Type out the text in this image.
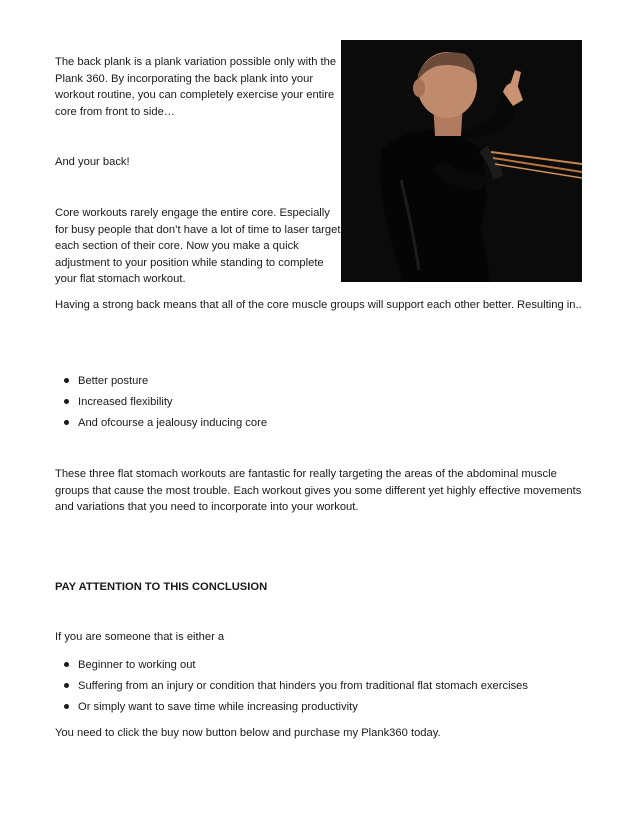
The back plank is a plank variation possible only with the Plank 360. By incorporating the back plank into your workout routine, you can completely exercise your entire core from front to side…

And your back!

Core workouts rarely engage the entire core. Especially for busy people that don’t have a lot of time to laser target each section of their core. Now you make a quick adjustment to your position while standing to complete your flat stomach workout.

Having a strong back means that all of the core muscle groups will support each other better. Resulting in..

Better posture
Increased flexibility
And ofcourse a jealousy inducing core

These three flat stomach workouts are fantastic for really targeting the areas of the abdominal muscle groups that cause the most trouble. Each workout gives you some different yet highly effective movements and variations that you need to incorporate into your workout.

PAY ATTENTION TO THIS CONCLUSION

If you are someone that is either a

Beginner to working out
Suffering from an injury or condition that hinders you from traditional flat stomach exercises
Or simply want to save time while increasing productivity

You need to click the buy now button below and purchase my Plank360 today.
